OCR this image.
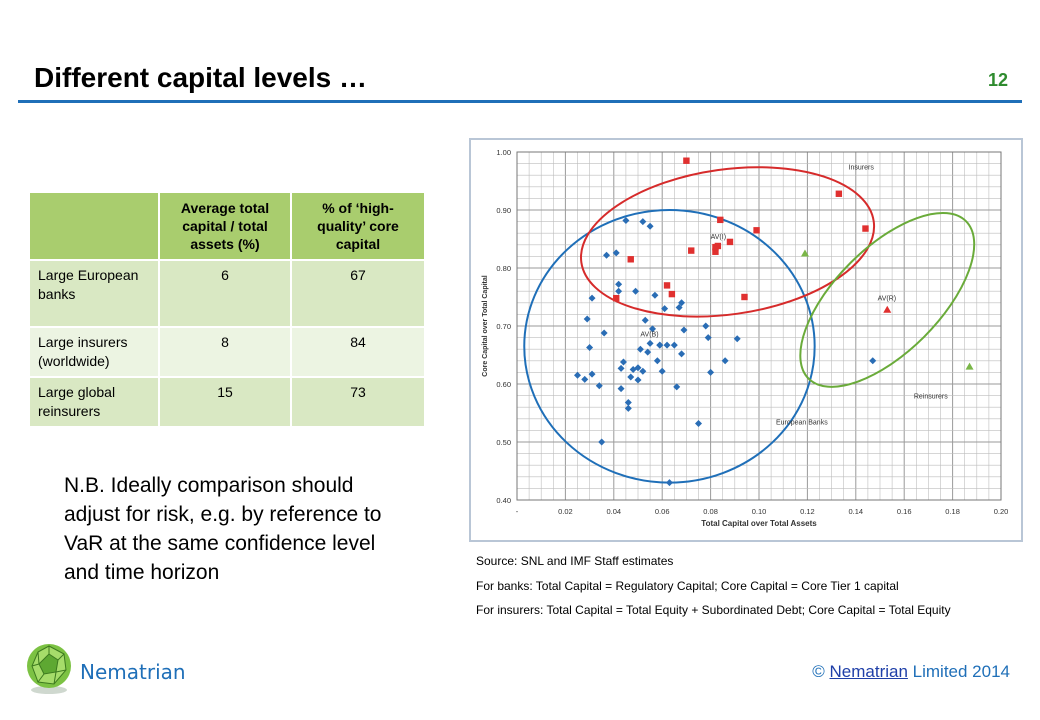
Different capital levels …	12
	Average total capital / total assets (%)	% of ‘high-quality’ core capital
Large European banks	6	67
Large insurers (worldwide)	8	84
Large global reinsurers	15	73
N.B. Ideally comparison should adjust for risk, e.g. by reference to VaR at the same confidence level and time horizon
-	0.02	0.04	0.06	0.08	0.10	0.12	0.14	0.16	0.18	0.20
0.40
0.50
0.60
0.70
0.80
0.90
1.00
Total Capital over Total Assets
Core Capital over Total Capital
Insurers
Reinsurers
European Banks
AV(B)
AV(I)
AV(R)
Source: SNL and IMF Staff estimates
For banks: Total Capital = Regulatory Capital; Core Capital = Core Tier 1 capital
For insurers: Total Capital = Total Equity + Subordinated Debt; Core Capital = Total Equity
Nematrian	© Nematrian Limited 2014
